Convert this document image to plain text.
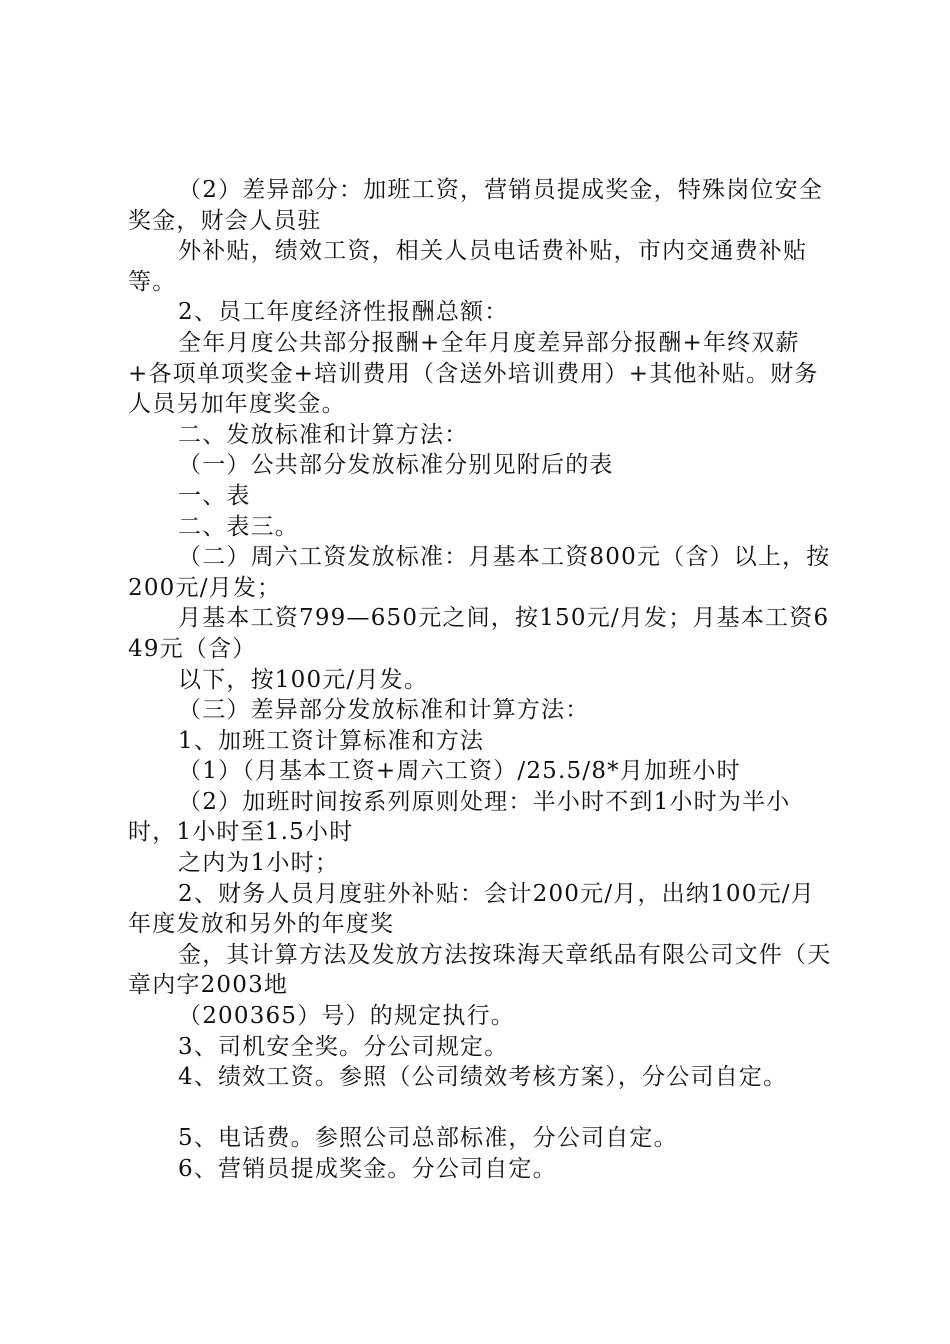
（2）差异部分：加班工资，营销员提成奖金，特殊岗位安全奖金，财会人员驻

外补贴，绩效工资，相关人员电话费补贴，市内交通费补贴等。

2、员工年度经济性报酬总额：

全年月度公共部分报酬+全年月度差异部分报酬+年终双薪+各项单项奖金+培训费用（含送外培训费用）+其他补贴。财务人员另加年度奖金。

二、发放标准和计算方法：

（一）公共部分发放标准分别见附后的表

一、表

二、表三。

（二）周六工资发放标准：月基本工资800元（含）以上，按200元/月发；

月基本工资799—650元之间，按150元/月发；月基本工资649元（含）

以下，按100元/月发。

（三）差异部分发放标准和计算方法：

1、加班工资计算标准和方法

（1）（月基本工资+周六工资）/25.5/8*月加班小时

（2）加班时间按系列原则处理：半小时不到1小时为半小时，1小时至1.5小时

之内为1小时；

2、财务人员月度驻外补贴：会计200元/月，出纳100元/月年度发放和另外的年度奖

金，其计算方法及发放方法按珠海天章纸品有限公司文件（天章内字2003地

（200365）号）的规定执行。

3、司机安全奖。分公司规定。

4、绩效工资。参照（公司绩效考核方案），分公司自定。

5、电话费。参照公司总部标准，分公司自定。

6、营销员提成奖金。分公司自定。
